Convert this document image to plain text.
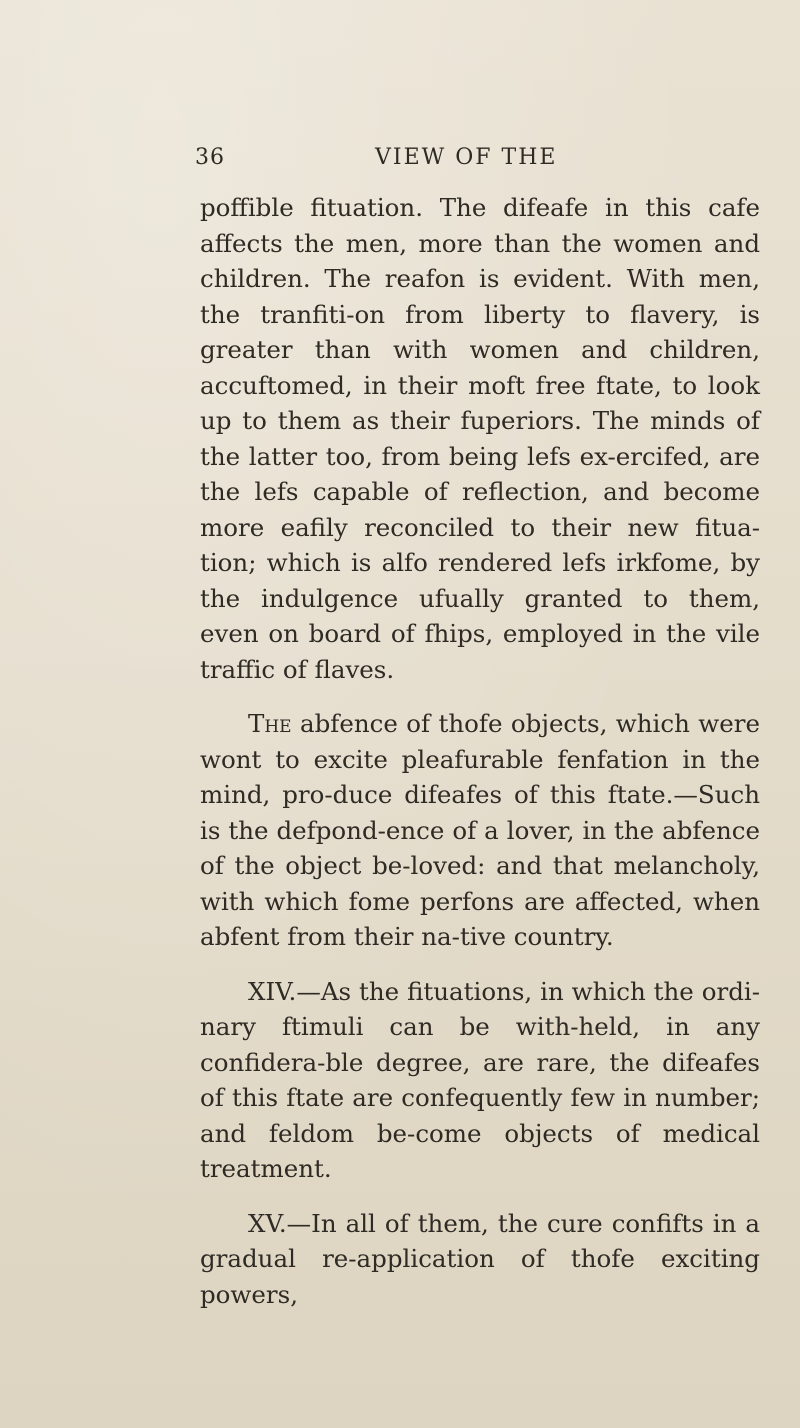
36	VIEW OF THE

poffible fituation. The difeafe in this cafe affects the men, more than the women and children. The reafon is evident. With men, the tranfiti-on from liberty to flavery, is greater than with women and children, accuftomed, in their moft free ftate, to look up to them as their fuperiors. The minds of the latter too, from being lefs ex-ercifed, are the lefs capable of reflection, and become more eafily reconciled to their new fitua-tion; which is alfo rendered lefs irkfome, by the indulgence ufually granted to them, even on board of fhips, employed in the vile traffic of flaves.

The abfence of thofe objects, which were wont to excite pleafurable fenfation in the mind, pro-duce difeafes of this ftate.—Such is the defpond-ence of a lover, in the abfence of the object be-loved: and that melancholy, with which fome perfons are affected, when abfent from their na-tive country.

XIV.—As the fituations, in which the ordi-nary ftimuli can be with-held, in any confidera-ble degree, are rare, the difeafes of this ftate are confequently few in number; and feldom be-come objects of medical treatment.

XV.—In all of them, the cure confifts in a gradual re-application of thofe exciting powers,
